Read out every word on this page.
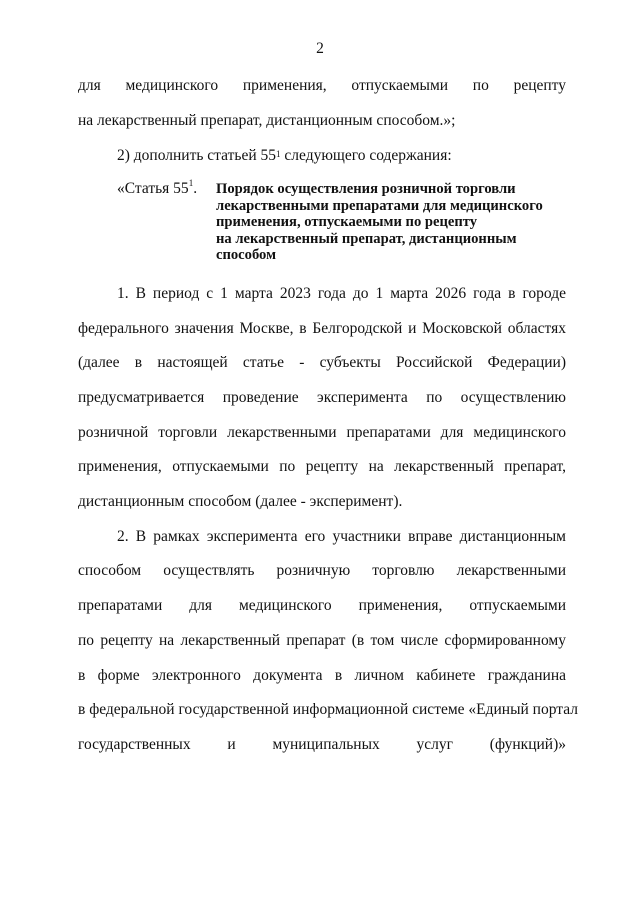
2
для медицинского применения, отпускаемыми по рецепту
на лекарственный препарат, дистанционным способом.»;
2) дополнить статьей $55^1$ следующего содержания:
«Статья $55^1$. Порядок осуществления розничной торговли
лекарственными препаратами для медицинского
применения, отпускаемыми по рецепту
на лекарственный препарат, дистанционным
способом
1. В период с 1 марта 2023 года до 1 марта 2026 года в городе
федерального значения Москве, в Белгородской и Московской областях
(далее в настоящей статье - субъекты Российской Федерации)
предусматривается проведение эксперимента по осуществлению
розничной торговли лекарственными препаратами для медицинского
применения, отпускаемыми по рецепту на лекарственный препарат,
дистанционным способом (далее - эксперимент).
2. В рамках эксперимента его участники вправе дистанционным
способом осуществлять розничную торговлю лекарственными
препаратами для медицинского применения, отпускаемыми
по рецепту на лекарственный препарат (в том числе сформированному
в форме электронного документа в личном кабинете гражданина
в федеральной государственной информационной системе «Единый портал
государственных и муниципальных услуг (функций)»
